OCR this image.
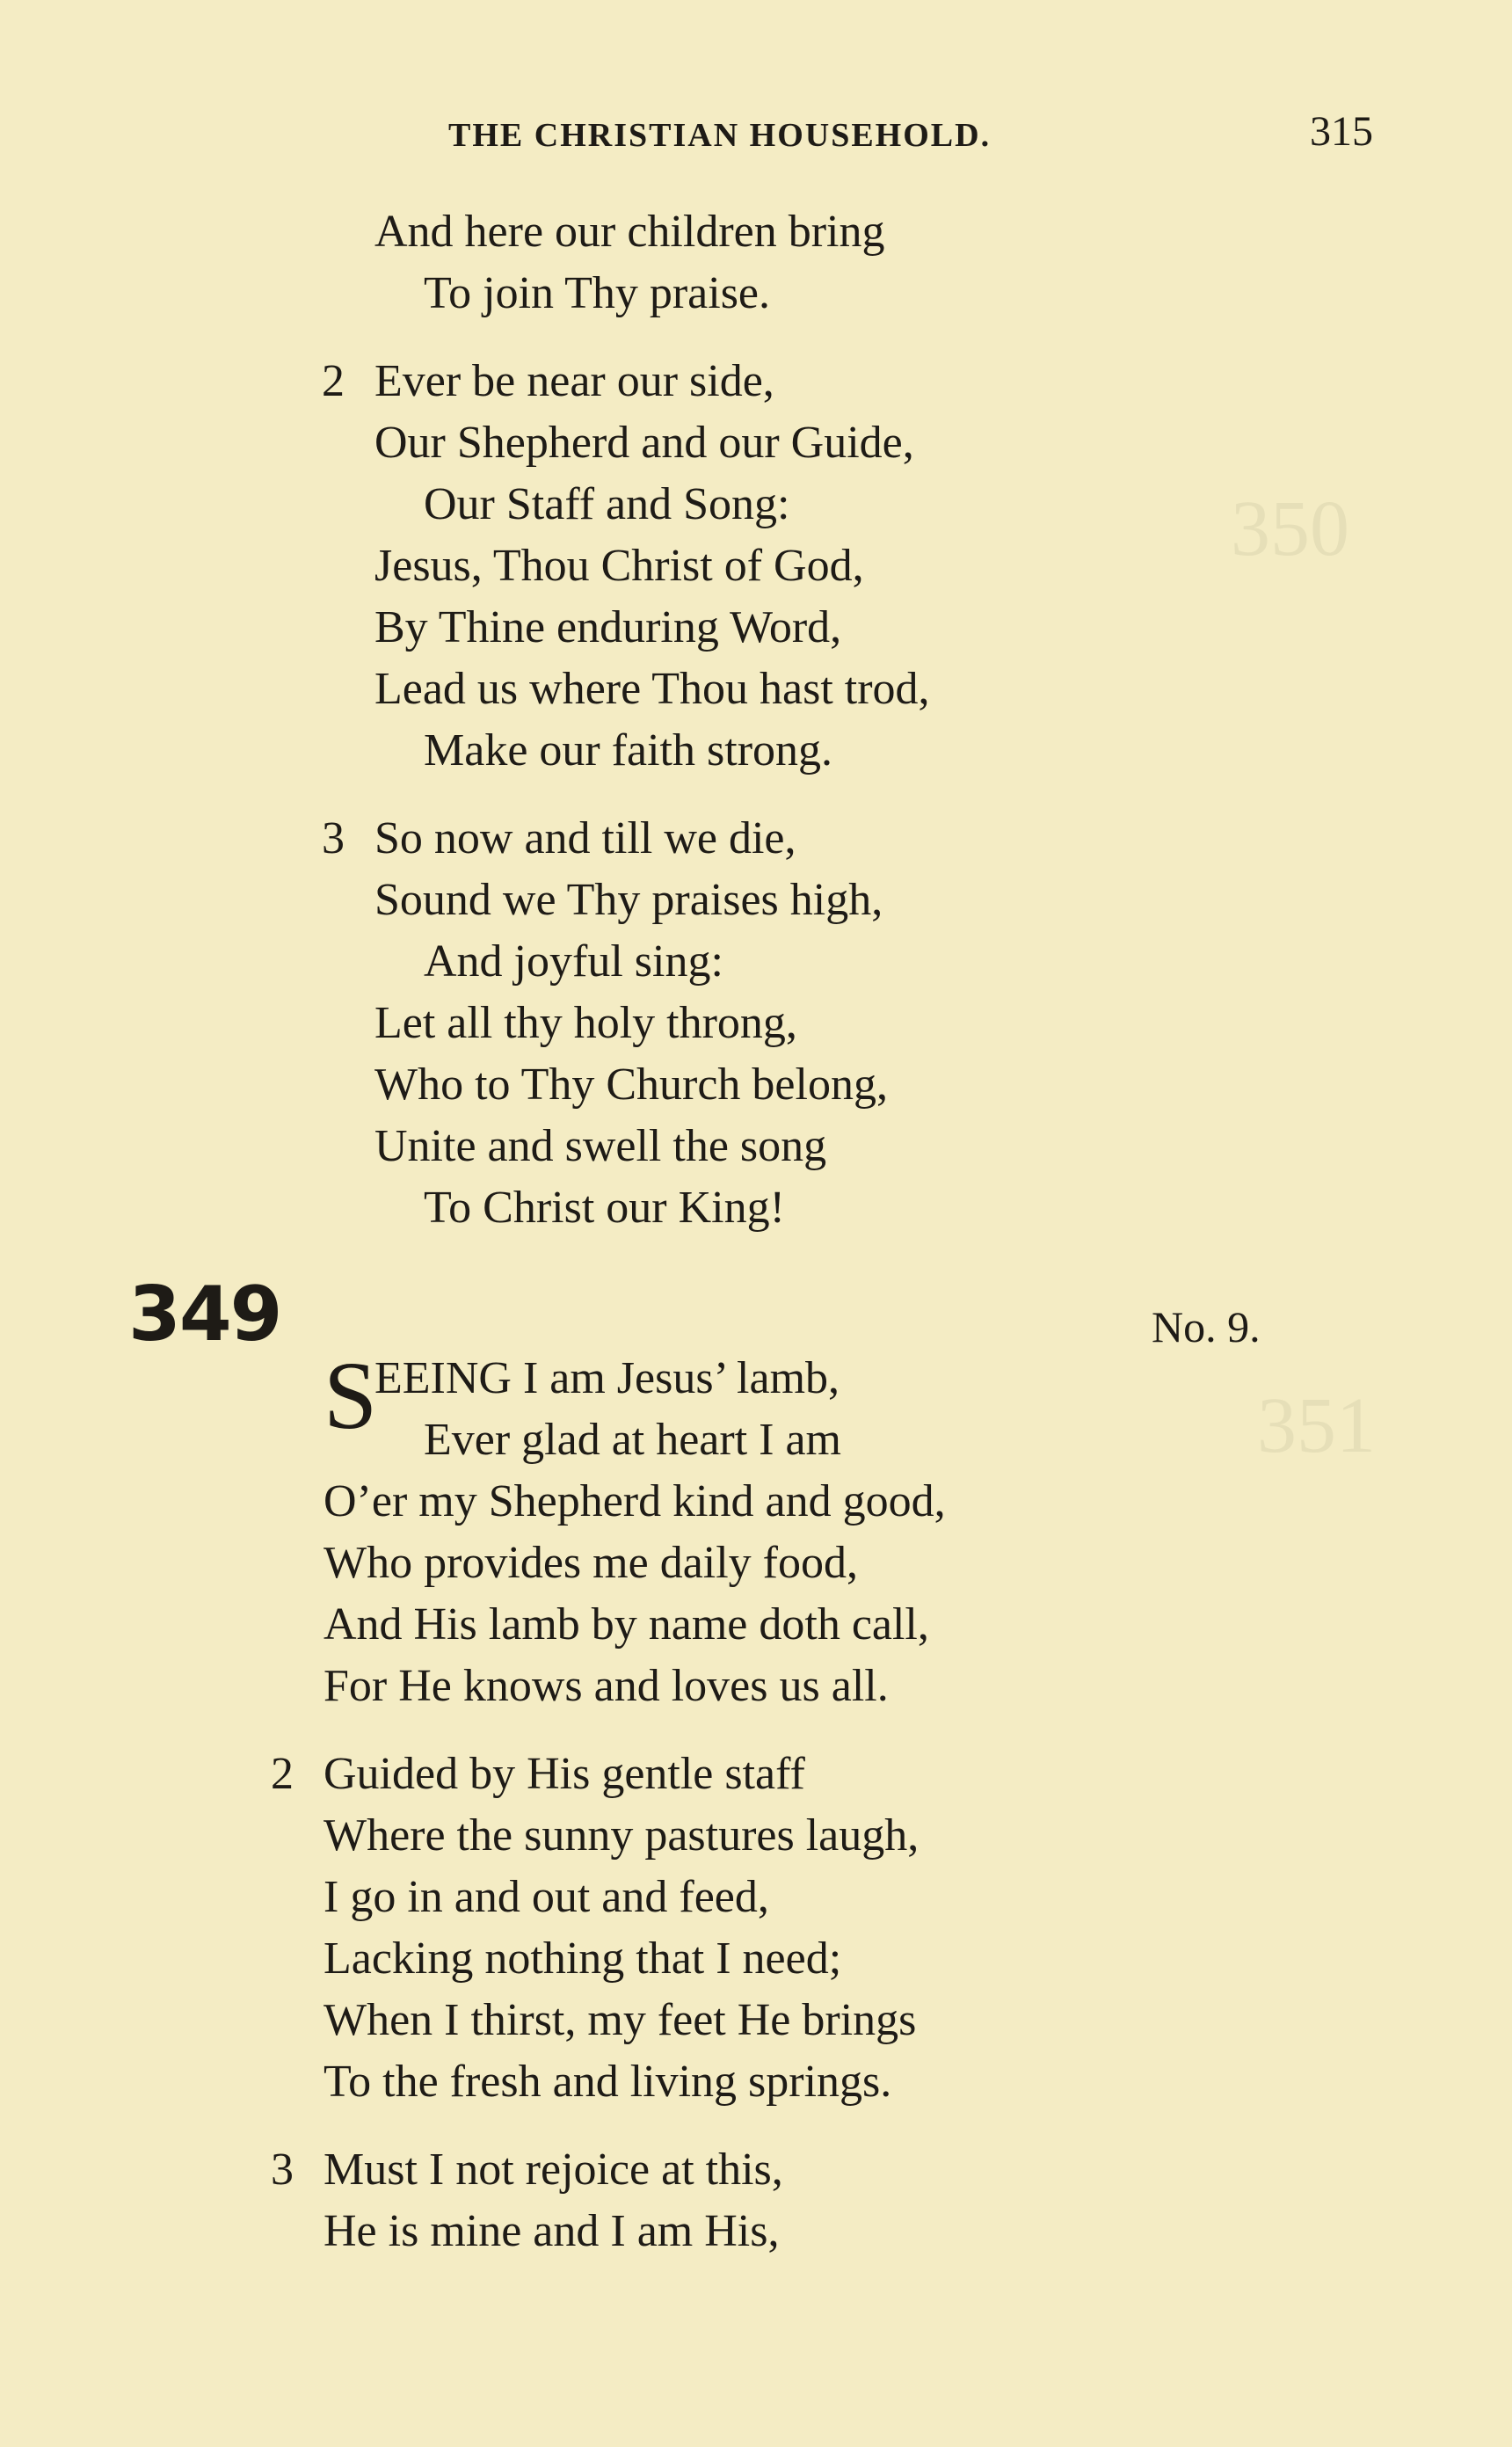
350
351
THE CHRISTIAN HOUSEHOLD.	315
And here our children bring
To join Thy praise.
2 Ever be near our side,
Our Shepherd and our Guide,
Our Staff and Song:
Jesus, Thou Christ of God,
By Thine enduring Word,
Lead us where Thou hast trod,
Make our faith strong.
3 So now and till we die,
Sound we Thy praises high,
And joyful sing:
Let all thy holy throng,
Who to Thy Church belong,
Unite and swell the song
To Christ our King!
349	No. 9.
S
EEING I am Jesus’ lamb,
Ever glad at heart I am
O’er my Shepherd kind and good,
Who provides me daily food,
And His lamb by name doth call,
For He knows and loves us all.
2 Guided by His gentle staff
Where the sunny pastures laugh,
I go in and out and feed,
Lacking nothing that I need;
When I thirst, my feet He brings
To the fresh and living springs.
3 Must I not rejoice at this,
He is mine and I am His,
